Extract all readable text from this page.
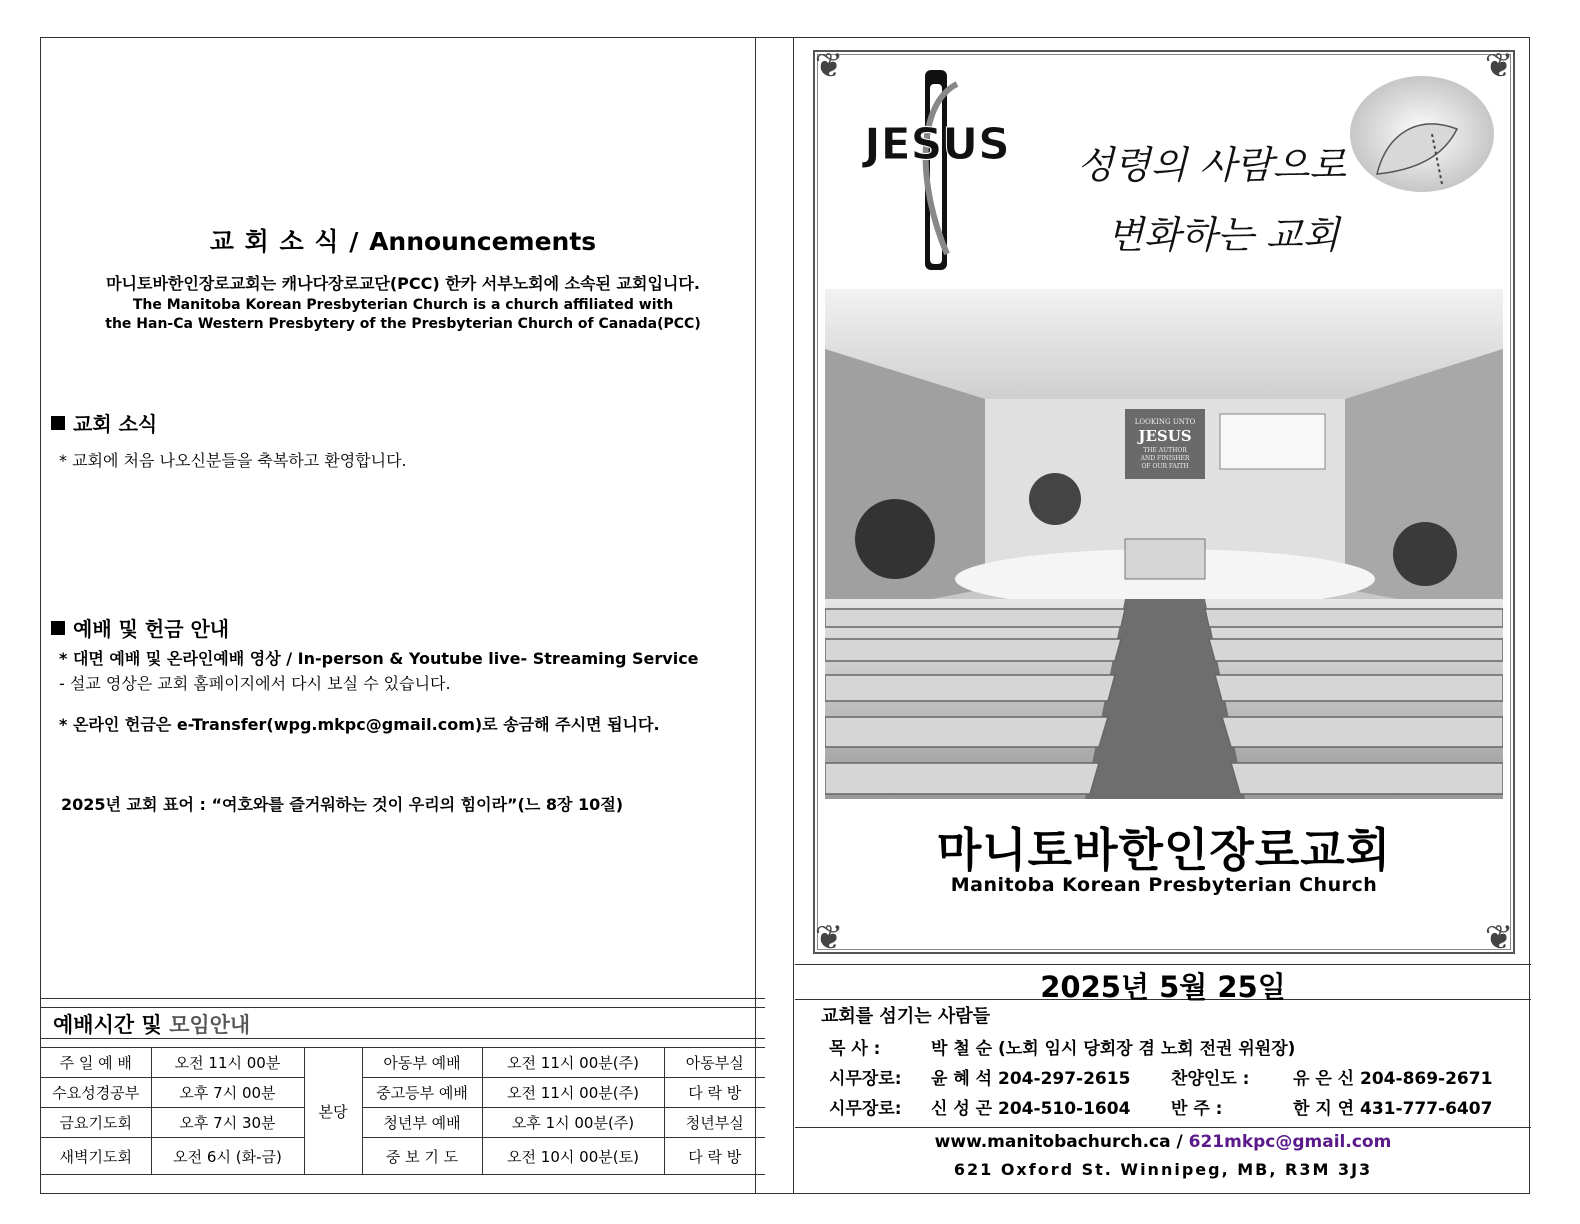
교 회 소 식 / Announcements
마니토바한인장로교회는 캐나다장로교단(PCC) 한카 서부노회에 소속된 교회입니다.
The Manitoba Korean Presbyterian Church is a church affiliated with
the Han-Ca Western Presbytery of the Presbyterian Church of Canada(PCC)
교회 소식
* 교회에 처음 나오신분들을 축복하고 환영합니다.
예배 및 헌금 안내
* 대면 예배 및 온라인예배 영상 / In-person & Youtube live- Streaming Service
- 설교 영상은 교회 홈페이지에서 다시 보실 수 있습니다.
* 온라인 헌금은 e-Transfer(wpg.mkpc@gmail.com)로 송금해 주시면 됩니다.
2025년 교회 표어 : “여호와를 즐거워하는 것이 우리의 힘이라”(느 8장 10절)
예배시간 및 모임안내
주 일 예 배	오전 11시 00분	본당	아동부 예배	오전 11시 00분(주)	아동부실
수요성경공부	오후 7시 00분		중고등부 예배	오전 11시 00분(주)	다 락 방
금요기도회	오후 7시 30분		청년부 예배	오후 1시 00분(주)	청년부실
새벽기도회	오전 6시 (화-금)		중 보 기 도	오전 10시 00분(토)	다 락 방
❦	❦
❦	❦
JESUS 성령의 사람으로
변화하는 교회
LOOKING UNTO
JESUS
THE AUTHOR
AND FINISHER
OF OUR FAITH
마니토바한인장로교회
Manitoba Korean Presbyterian Church
2025년 5월 25일
교회를 섬기는 사람들
목 사 :	박 철 순 (노회 임시 당회장 겸 노회 전권 위원장)
시무장로: 윤 혜 석 204-297-2615 찬양인도 :	유 은 신 204-869-2671
시무장로: 신 성 곤 204-510-1604 반 주 :	한 지 연 431-777-6407
www.manitobachurch.ca / 621mkpc@gmail.com
621 Oxford St. Winnipeg, MB, R3M 3J3
